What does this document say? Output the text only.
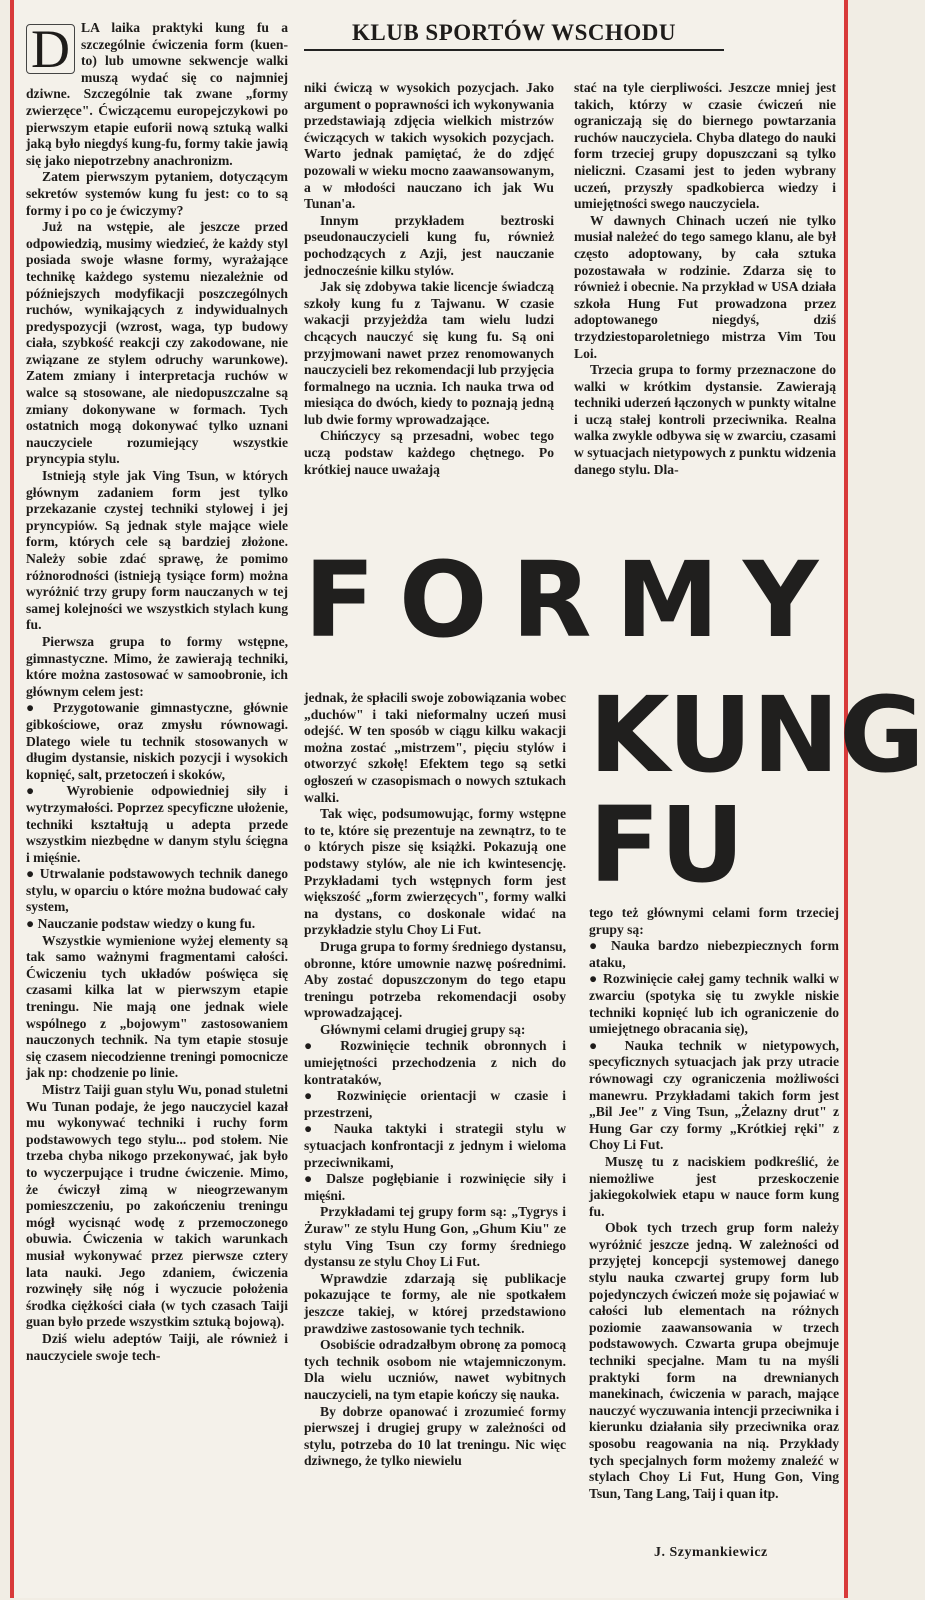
KLUB SPORTÓW WSCHODU
D LA laika praktyki kung fu a szczególnie ćwiczenia form (kuen-to) lub umowne sekwencje walki muszą wydać się co najmniej dziwne. Szczególnie tak zwane „formy zwierzęce". Ćwiczącemu europejczykowi po pierwszym etapie euforii nową sztuką walki jaką było niegdyś kung-fu, formy takie jawią się jako niepotrzebny anachronizm.

Zatem pierwszym pytaniem, dotyczącym sekretów systemów kung fu jest: co to są formy i po co je ćwiczymy?

Już na wstępie, ale jeszcze przed odpowiedzią, musimy wiedzieć, że każdy styl posiada swoje własne formy, wyrażające technikę każdego systemu niezależnie od późniejszych modyfikacji poszczególnych ruchów, wynikających z indywidualnych predyspozycji (wzrost, waga, typ budowy ciała, szybkość reakcji czy zakodowane, nie związane ze stylem odruchy warunkowe). Zatem zmiany i interpretacja ruchów w walce są stosowane, ale niedopuszczalne są zmiany dokonywane w formach. Tych ostatnich mogą dokonywać tylko uznani nauczyciele rozumiejący wszystkie pryncypia stylu.

Istnieją style jak Ving Tsun, w których głównym zadaniem form jest tylko przekazanie czystej techniki stylowej i jej pryncypiów. Są jednak style mające wiele form, których cele są bardziej złożone. Należy sobie zdać sprawę, że pomimo różnorodności (istnieją tysiące form) można wyróżnić trzy grupy form nauczanych w tej samej kolejności we wszystkich stylach kung fu.

Pierwsza grupa to formy wstępne, gimnastyczne. Mimo, że zawierają techniki, które można zastosować w samoobronie, ich głównym celem jest:

● Przygotowanie gimnastyczne, głównie gibkościowe, oraz zmysłu równowagi. Dlatego wiele tu technik stosowanych w długim dystansie, niskich pozycji i wysokich kopnięć, salt, przetoczeń i skoków,

● Wyrobienie odpowiedniej siły i wytrzymałości. Poprzez specyficzne ułożenie, techniki kształtują u adepta przede wszystkim niezbędne w danym stylu ścięgna i mięśnie.

● Utrwalanie podstawowych technik danego stylu, w oparciu o które można budować cały system,

● Nauczanie podstaw wiedzy o kung fu.

Wszystkie wymienione wyżej elementy są tak samo ważnymi fragmentami całości. Ćwiczeniu tych układów poświęca się czasami kilka lat w pierwszym etapie treningu. Nie mają one jednak wiele wspólnego z „bojowym" zastosowaniem nauczonych technik. Na tym etapie stosuje się czasem niecodzienne treningi pomocnicze jak np: chodzenie po linie.

Mistrz Taiji guan stylu Wu, ponad stuletni Wu Tunan podaje, że jego nauczyciel kazał mu wykonywać techniki i ruchy form podstawowych tego stylu... pod stołem. Nie trzeba chyba nikogo przekonywać, jak było to wyczerpujące i trudne ćwiczenie. Mimo, że ćwiczył zimą w nieogrzewanym pomieszczeniu, po zakończeniu treningu mógł wycisnąć wodę z przemoczonego obuwia. Ćwiczenia w takich warunkach musiał wykonywać przez pierwsze cztery lata nauki. Jego zdaniem, ćwiczenia rozwinęły siłę nóg i wyczucie położenia środka ciężkości ciała (w tych czasach Taiji guan było przede wszystkim sztuką bojową).

Dziś wielu adeptów Taiji, ale również i nauczyciele swoje tech-

niki ćwiczą w wysokich pozycjach. Jako argument o poprawności ich wykonywania przedstawiają zdjęcia wielkich mistrzów ćwiczących w takich wysokich pozycjach. Warto jednak pamiętać, że do zdjęć pozowali w wieku mocno zaawansowanym, a w młodości nauczano ich jak Wu Tunan'a.

Innym przykładem beztroski pseudonauczycieli kung fu, również pochodzących z Azji, jest nauczanie jednocześnie kilku stylów.

Jak się zdobywa takie licencje świadczą szkoły kung fu z Tajwanu. W czasie wakacji przyjeżdża tam wielu ludzi chcących nauczyć się kung fu. Są oni przyjmowani nawet przez renomowanych nauczycieli bez rekomendacji lub przyjęcia formalnego na ucznia. Ich nauka trwa od miesiąca do dwóch, kiedy to poznają jedną lub dwie formy wprowadzające.

Chińczycy są przesadni, wobec tego uczą podstaw każdego chętnego. Po krótkiej nauce uważają

stać na tyle cierpliwości. Jeszcze mniej jest takich, którzy w czasie ćwiczeń nie ograniczają się do biernego powtarzania ruchów nauczyciela. Chyba dlatego do nauki form trzeciej grupy dopuszczani są tylko nieliczni. Czasami jest to jeden wybrany uczeń, przyszły spadkobierca wiedzy i umiejętności swego nauczyciela.

W dawnych Chinach uczeń nie tylko musiał należeć do tego samego klanu, ale był często adoptowany, by cała sztuka pozostawała w rodzinie. Zdarza się to również i obecnie. Na przykład w USA działa szkoła Hung Fut prowadzona przez adoptowanego niegdyś, dziś trzydziestoparoletniego mistrza Vim Tou Loi.

Trzecia grupa to formy przeznaczone do walki w krótkim dystansie. Zawierają techniki uderzeń łączonych w punkty witalne i uczą stałej kontroli przeciwnika. Realna walka zwykle odbywa się w zwarciu, czasami w sytuacjach nietypowych z punktu widzenia danego stylu. Dla-

FORMY
KUNG
FU

jednak, że spłacili swoje zobowiązania wobec „duchów" i taki nieformalny uczeń musi odejść. W ten sposób w ciągu kilku wakacji można zostać „mistrzem", pięciu stylów i otworzyć szkołę! Efektem tego są setki ogłoszeń w czasopismach o nowych sztukach walki.

Tak więc, podsumowując, formy wstępne to te, które się prezentuje na zewnątrz, to te o których pisze się książki. Pokazują one podstawy stylów, ale nie ich kwintesencję. Przykładami tych wstępnych form jest większość „form zwierzęcych", formy walki na dystans, co doskonale widać na przykładzie stylu Choy Li Fut.

Druga grupa to formy średniego dystansu, obronne, które umownie nazwę pośrednimi. Aby zostać dopuszczonym do tego etapu treningu potrzeba rekomendacji osoby wprowadzającej.

Głównymi celami drugiej grupy są:

● Rozwinięcie technik obronnych i umiejętności przechodzenia z nich do kontrataków,

● Rozwinięcie orientacji w czasie i przestrzeni,

● Nauka taktyki i strategii stylu w sytuacjach konfrontacji z jednym i wieloma przeciwnikami,

● Dalsze pogłębianie i rozwinięcie siły i mięśni.

Przykładami tej grupy form są: „Tygrys i Żuraw" ze stylu Hung Gon, „Ghum Kiu" ze stylu Ving Tsun czy formy średniego dystansu ze stylu Choy Li Fut.

Wprawdzie zdarzają się publikacje pokazujące te formy, ale nie spotkałem jeszcze takiej, w której przedstawiono prawdziwe zastosowanie tych technik.

Osobiście odradzałbym obronę za pomocą tych technik osobom nie wtajemniczonym. Dla wielu uczniów, nawet wybitnych nauczycieli, na tym etapie kończy się nauka.

By dobrze opanować i zrozumieć formy pierwszej i drugiej grupy w zależności od stylu, potrzeba do 10 lat treningu. Nic więc dziwnego, że tylko niewielu

tego też głównymi celami form trzeciej grupy są:

● Nauka bardzo niebezpiecznych form ataku,

● Rozwinięcie całej gamy technik walki w zwarciu (spotyka się tu zwykle niskie techniki kopnięć lub ich ograniczenie do umiejętnego obracania się),

● Nauka technik w nietypowych, specyficznych sytuacjach jak przy utracie równowagi czy ograniczenia możliwości manewru. Przykładami takich form jest „Bil Jee" z Ving Tsun, „Żelazny drut" z Hung Gar czy formy „Krótkiej ręki" z Choy Li Fut.

Muszę tu z naciskiem podkreślić, że niemożliwe jest przeskoczenie jakiegokolwiek etapu w nauce form kung fu.

Obok tych trzech grup form należy wyróżnić jeszcze jedną. W zależności od przyjętej koncepcji systemowej danego stylu nauka czwartej grupy form lub pojedynczych ćwiczeń może się pojawiać w całości lub elementach na różnych poziomie zaawansowania w trzech podstawowych. Czwarta grupa obejmuje techniki specjalne. Mam tu na myśli praktyki form na drewnianych manekinach, ćwiczenia w parach, mające nauczyć wyczuwania intencji przeciwnika i kierunku działania siły przeciwnika oraz sposobu reagowania na nią. Przykłady tych specjalnych form możemy znaleźć w stylach Choy Li Fut, Hung Gon, Ving Tsun, Tang Lang, Taij i quan itp.

J. Szymankiewicz
